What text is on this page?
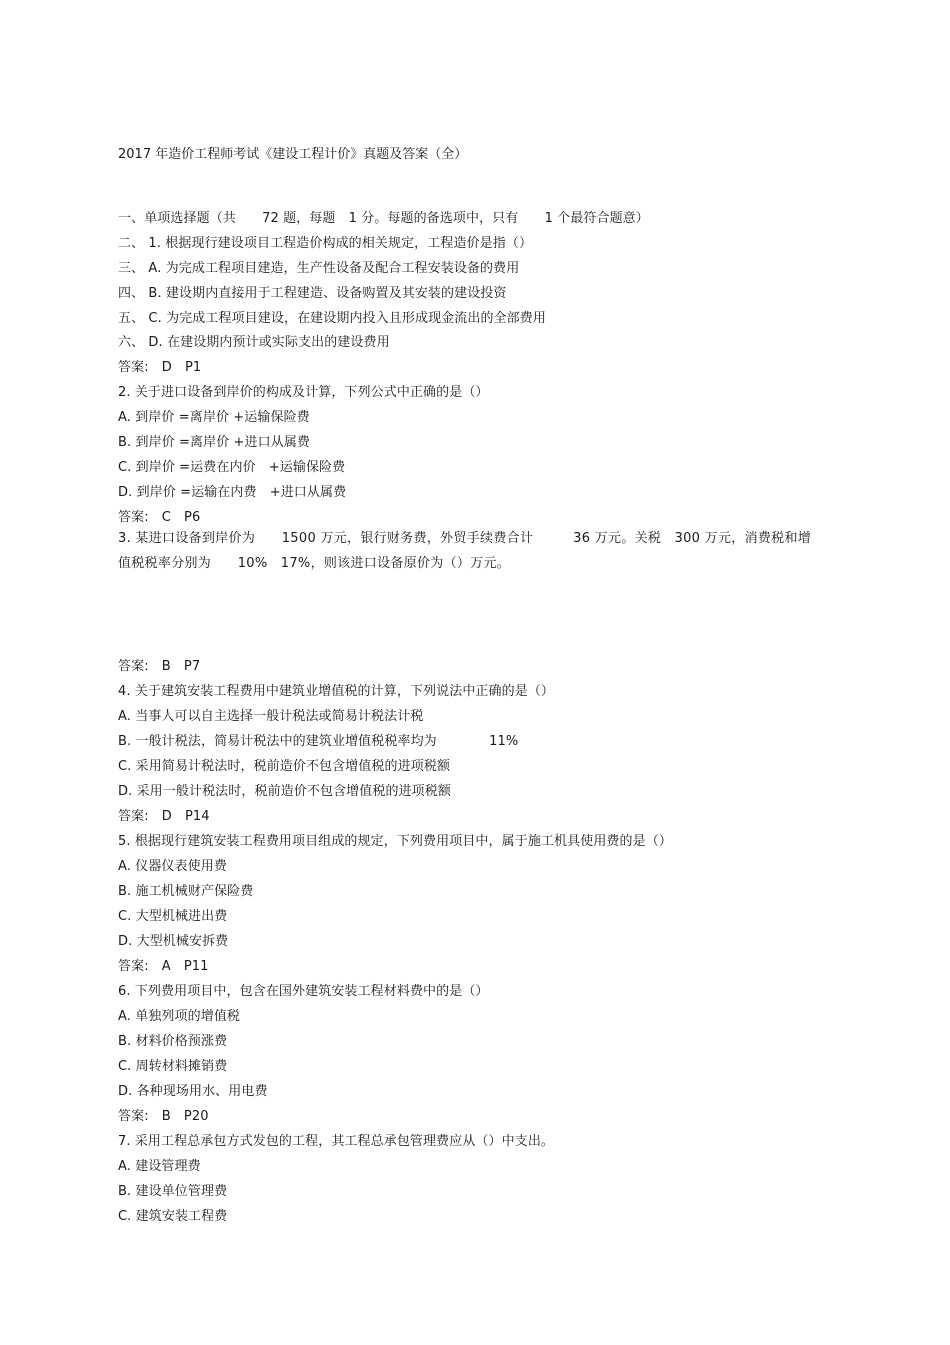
2017 年造价工程师考试《建设工程计价》真题及答案（全）
一、单项选择题（共　　72 题，每题　1 分。每题的备选项中，只有　　1 个最符合题意）
二、 1. 根据现行建设项目工程造价构成的相关规定，工程造价是指（）
三、 A. 为完成工程项目建造，生产性设备及配合工程安装设备的费用
四、 B. 建设期内直接用于工程建造、设备购置及其安装的建设投资
五、 C. 为完成工程项目建设，在建设期内投入且形成现金流出的全部费用
六、 D. 在建设期内预计或实际支出的建设费用
答案:　D　P1
2. 关于进口设备到岸价的构成及计算，下列公式中正确的是（）
A. 到岸价 =离岸价 +运输保险费
B. 到岸价 =离岸价 +进口从属费
C. 到岸价 =运费在内价　+运输保险费
D. 到岸价 =运输在内费　+进口从属费
答案:　C　P6
3. 某进口设备到岸价为　　1500 万元，银行财务费，外贸手续费合计　　　36 万元。关税　300 万元，消费税和增值税税率分别为　　10%　17%，则该进口设备原价为（）万元。
答案:　B　P7
4. 关于建筑安装工程费用中建筑业增值税的计算，下列说法中正确的是（）
A. 当事人可以自主选择一般计税法或简易计税法计税
B. 一般计税法，简易计税法中的建筑业增值税税率均为　　　　11%
C. 采用简易计税法时，税前造价不包含增值税的进项税额
D. 采用一般计税法时，税前造价不包含增值税的进项税额
答案:　D　P14
5. 根据现行建筑安装工程费用项目组成的规定，下列费用项目中，属于施工机具使用费的是（）
A. 仪器仪表使用费
B. 施工机械财产保险费
C. 大型机械进出费
D. 大型机械安拆费
答案:　A　P11
6. 下列费用项目中，包含在国外建筑安装工程材料费中的是（）
A. 单独列项的增值税
B. 材料价格预涨费
C. 周转材料摊销费
D. 各种现场用水、用电费
答案:　B　P20
7. 采用工程总承包方式发包的工程，其工程总承包管理费应从（）中支出。
A. 建设管理费
B. 建设单位管理费
C. 建筑安装工程费
